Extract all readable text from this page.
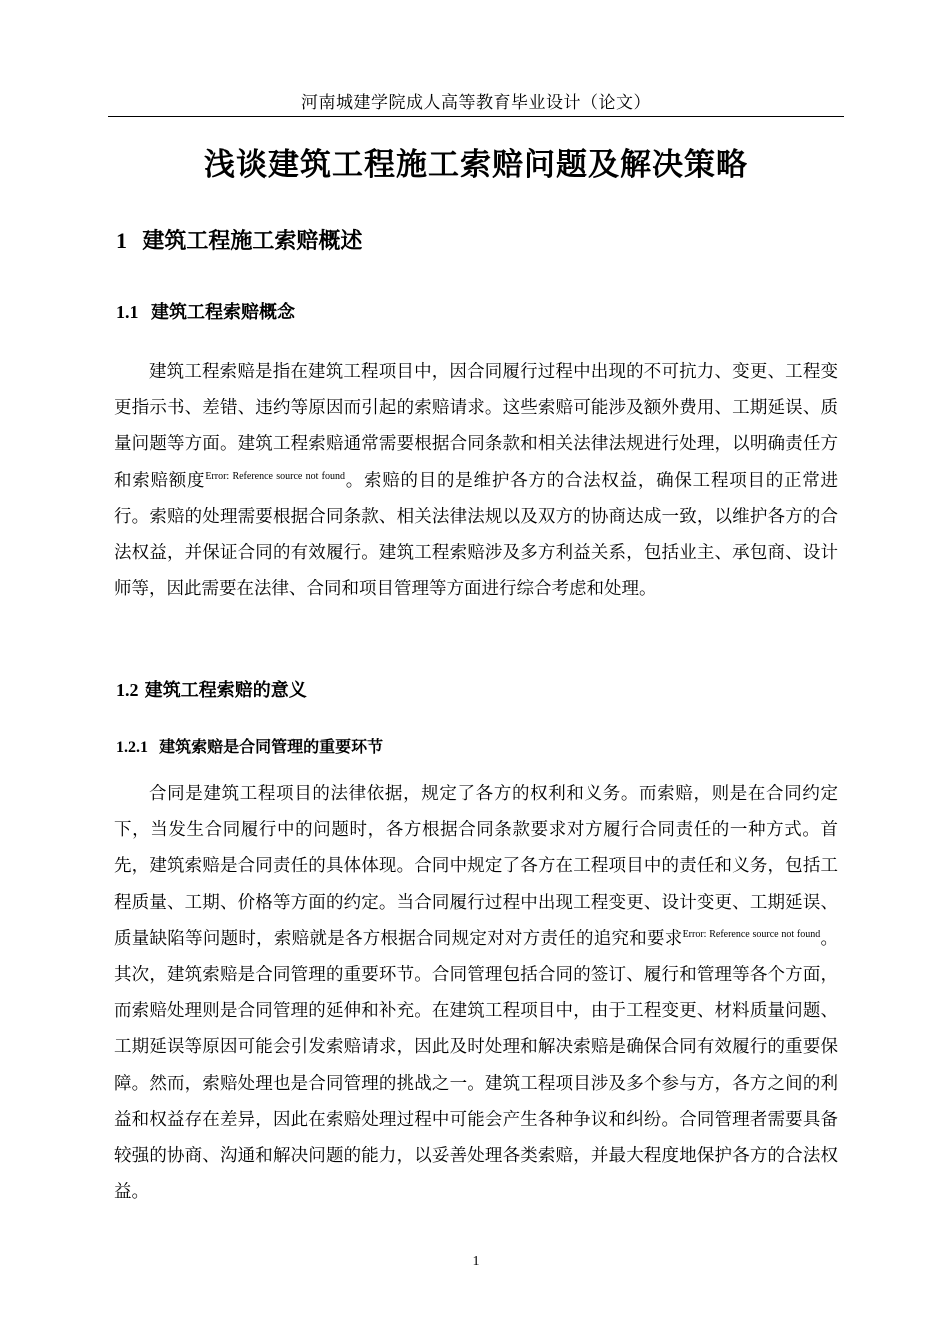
河南城建学院成人高等教育毕业设计（论文）
浅谈建筑工程施工索赔问题及解决策略
1 建筑工程施工索赔概述
1.1 建筑工程索赔概念

建筑工程索赔是指在建筑工程项目中，因合同履行过程中出现的不可抗力、变更、工程变更指示书、差错、违约等原因而引起的索赔请求。这些索赔可能涉及额外费用、工期延误、质量问题等方面。建筑工程索赔通常需要根据合同条款和相关法律法规进行处理，以明确责任方和索赔额度$^{Error: Reference source not found}$。索赔的目的是维护各方的合法权益，确保工程项目的正常进行。索赔的处理需要根据合同条款、相关法律法规以及双方的协商达成一致，以维护各方的合法权益，并保证合同的有效履行。建筑工程索赔涉及多方利益关系，包括业主、承包商、设计师等，因此需要在法律、合同和项目管理等方面进行综合考虑和处理。

1.2 建筑工程索赔的意义
1.2.1 建筑索赔是合同管理的重要环节

合同是建筑工程项目的法律依据，规定了各方的权利和义务。而索赔，则是在合同约定下，当发生合同履行中的问题时，各方根据合同条款要求对方履行合同责任的一种方式。首先，建筑索赔是合同责任的具体体现。合同中规定了各方在工程项目中的责任和义务，包括工程质量、工期、价格等方面的约定。当合同履行过程中出现工程变更、设计变更、工期延误、质量缺陷等问题时，索赔就是各方根据合同规定对对方责任的追究和要求$^{Error: Reference source not found}$。其次，建筑索赔是合同管理的重要环节。合同管理包括合同的签订、履行和管理等各个方面，而索赔处理则是合同管理的延伸和补充。在建筑工程项目中，由于工程变更、材料质量问题、工期延误等原因可能会引发索赔请求，因此及时处理和解决索赔是确保合同有效履行的重要保障。然而，索赔处理也是合同管理的挑战之一。建筑工程项目涉及多个参与方，各方之间的利益和权益存在差异，因此在索赔处理过程中可能会产生各种争议和纠纷。合同管理者需要具备较强的协商、沟通和解决问题的能力，以妥善处理各类索赔，并最大程度地保护各方的合法权益。

1
